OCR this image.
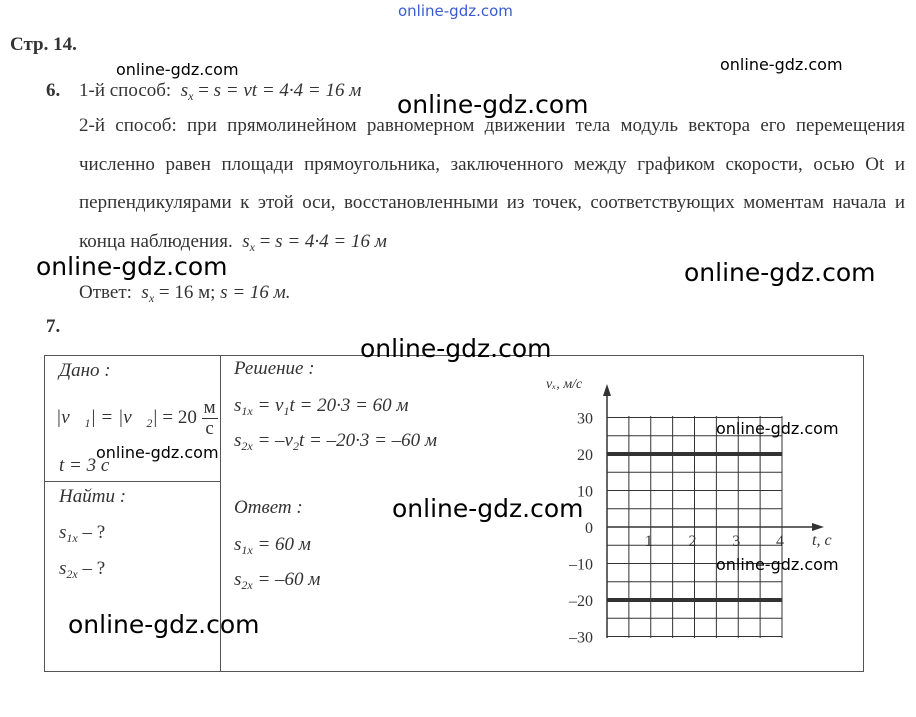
online-gdz.com
Стр. 14.
6. 1-й способ:  $s_x = s$ = vt = 4·4 = 16 м
2-й способ: при прямолинейном равномерном движении тела модуль вектора его перемещения численно равен площади прямоугольника, заключенного между графиком скорости, осью Ot и перпендикулярами к этой оси, восстановленными из точек, соответствующих моментам начала и конца наблюдения.  $s_x = s = 4\cdot 4 = 16$ м
Ответ:  $s_x = 16$ м; s = 16 м.
7.
Дано :
$|v⃗_1|$ = $|v⃗_2| = 20 \frac{м}{с}$
t = 3 с
Найти :
$s_{1x}$ – ?
$s_{2x}$ – ?
Решение :
$s_{1x} = v_1t = 20\cdot 3 = 60$ м
$s_{2x} = -v_2t = -20\cdot 3 = -60$ м
Ответ :
$s_{1x} = 60$ м
$s_{2x} = -60$ м
30
20
10
0
–10
–20
–30
1 2 3 4
vₓ, м/с
t, с
online-gdz.com	online-gdz.com
online-gdz.com
online-gdz.com	online-gdz.com
online-gdz.com
online-gdz.com
online-gdz.com
online-gdz.com
online-gdz.com
online-gdz.com
